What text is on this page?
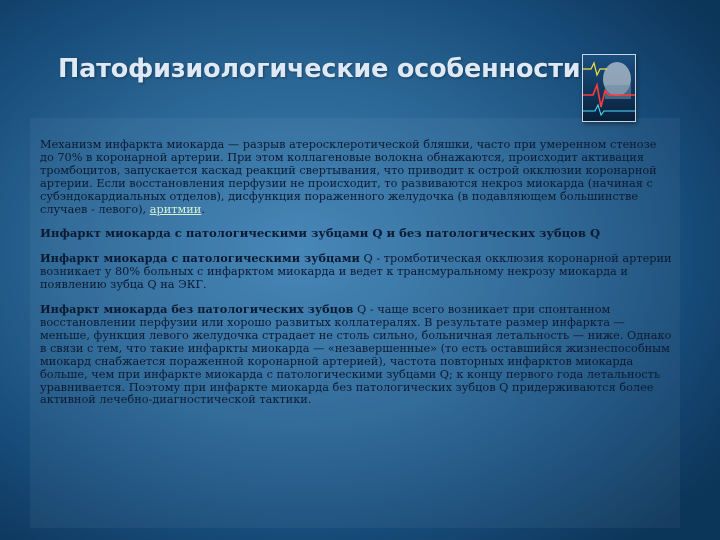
Патофизиологические особенности

Механизм инфаркта миокарда — разрыв атеросклеротической бляшки, часто при умеренном стенозе до 70% в коронарной артерии. При этом коллагеновые волокна обнажаются, происходит активация тромбоцитов, запускается каскад реакций свертывания, что приводит к острой окклюзии коронарной артерии. Если восстановления перфузии не происходит, то развиваются некроз миокарда (начиная с субэндокардиальных отделов), дисфункция пораженного желудочка (в подавляющем большинстве случаев - левого), аритмии.

Инфаркт миокарда с патологическими зубцами Q и без патологических зубцов Q

Инфаркт миокарда с патологическими зубцами Q - тромботическая окклюзия коронарной артерии возникает у 80% больных с инфарктом миокарда и ведет к трансмуральному некрозу миокарда и появлению зубца Q на ЭКГ.

Инфаркт миокарда без патологических зубцов Q - чаще всего возникает при спонтанном восстановлении перфузии или хорошо развитых коллатералях. В результате размер инфаркта — меньше, функция левого желудочка страдает не столь сильно, больничная летальность — ниже. Однако в связи с тем, что такие инфаркты миокарда — «незавершенные» (то есть оставшийся жизнеспособным миокард снабжается пораженной коронарной артерией), частота повторных инфарктов миокарда больше, чем при инфаркте миокарда с патологическими зубцами Q; к концу первого года летальность уравнивается. Поэтому при инфаркте миокарда без патологических зубцов Q придерживаются более активной лечебно-диагностической тактики.
